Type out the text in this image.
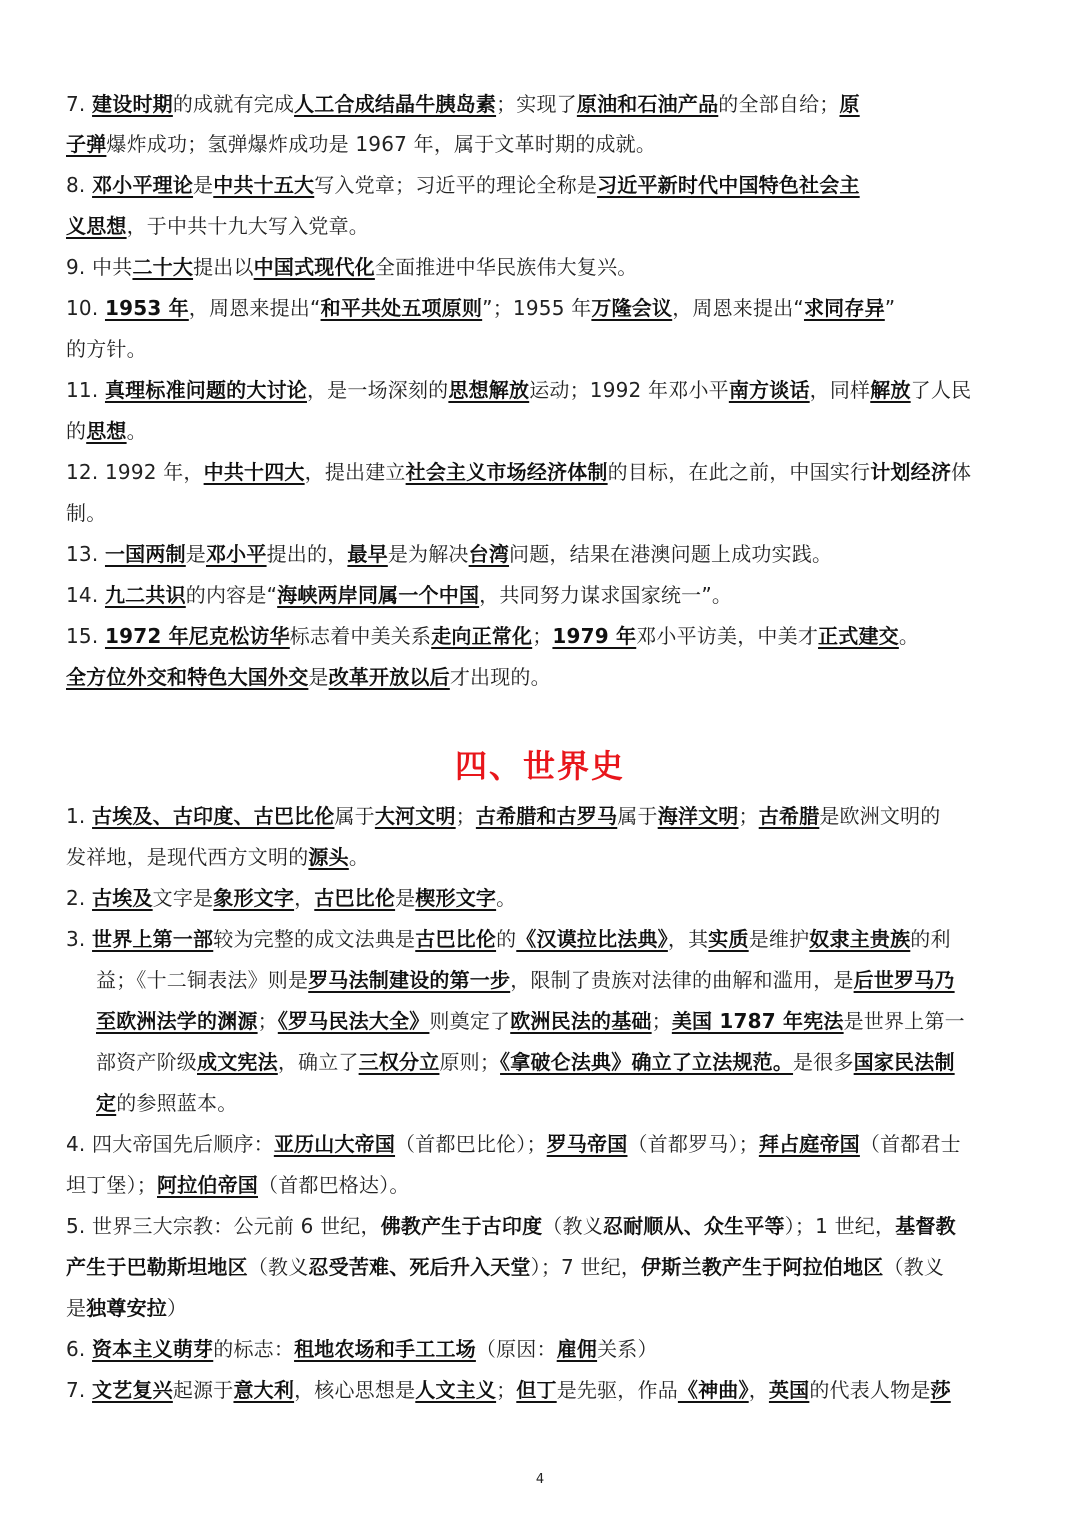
7. 建设时期的成就有完成人工合成结晶牛胰岛素；实现了原油和石油产品的全部自给；原
子弹爆炸成功；氢弹爆炸成功是 1967 年，属于文革时期的成就。
8. 邓小平理论是中共十五大写入党章；习近平的理论全称是习近平新时代中国特色社会主
义思想，于中共十九大写入党章。
9. 中共二十大提出以中国式现代化全面推进中华民族伟大复兴。
10. 1953 年，周恩来提出“和平共处五项原则”；1955 年万隆会议，周恩来提出“求同存异”
的方针。
11. 真理标准问题的大讨论，是一场深刻的思想解放运动；1992 年邓小平南方谈话，同样解放了人民
的思想。
12. 1992 年，中共十四大，提出建立社会主义市场经济体制的目标，在此之前，中国实行计划经济体
制。
13. 一国两制是邓小平提出的，最早是为解决台湾问题，结果在港澳问题上成功实践。
14. 九二共识的内容是“海峡两岸同属一个中国，共同努力谋求国家统一”。
15. 1972 年尼克松访华标志着中美关系走向正常化；1979 年邓小平访美，中美才正式建交。
全方位外交和特色大国外交是改革开放以后才出现的。
1. 古埃及、古印度、古巴比伦属于大河文明；古希腊和古罗马属于海洋文明；古希腊是欧洲文明的
发祥地，是现代西方文明的源头。
2. 古埃及文字是象形文字，古巴比伦是楔形文字。
3. 世界上第一部较为完整的成文法典是古巴比伦的《汉谟拉比法典》，其实质是维护奴隶主贵族的利
益；《十二铜表法》则是罗马法制建设的第一步，限制了贵族对法律的曲解和滥用，是后世罗马乃
至欧洲法学的渊源；《罗马民法大全》则奠定了欧洲民法的基础；美国 1787 年宪法是世界上第一
部资产阶级成文宪法，确立了三权分立原则；《拿破仑法典》确立了立法规范。是很多国家民法制
定的参照蓝本。
4. 四大帝国先后顺序：亚历山大帝国（首都巴比伦）；罗马帝国（首都罗马）；拜占庭帝国（首都君士
坦丁堡）；阿拉伯帝国（首都巴格达）。
5. 世界三大宗教：公元前 6 世纪，佛教产生于古印度（教义忍耐顺从、众生平等）；1 世纪，基督教
产生于巴勒斯坦地区（教义忍受苦难、死后升入天堂）；7 世纪，伊斯兰教产生于阿拉伯地区（教义
是独尊安拉）
6. 资本主义萌芽的标志：租地农场和手工工场（原因：雇佣关系）
7. 文艺复兴起源于意大利，核心思想是人文主义；但丁是先驱，作品《神曲》，英国的代表人物是莎
四、世界史
4
